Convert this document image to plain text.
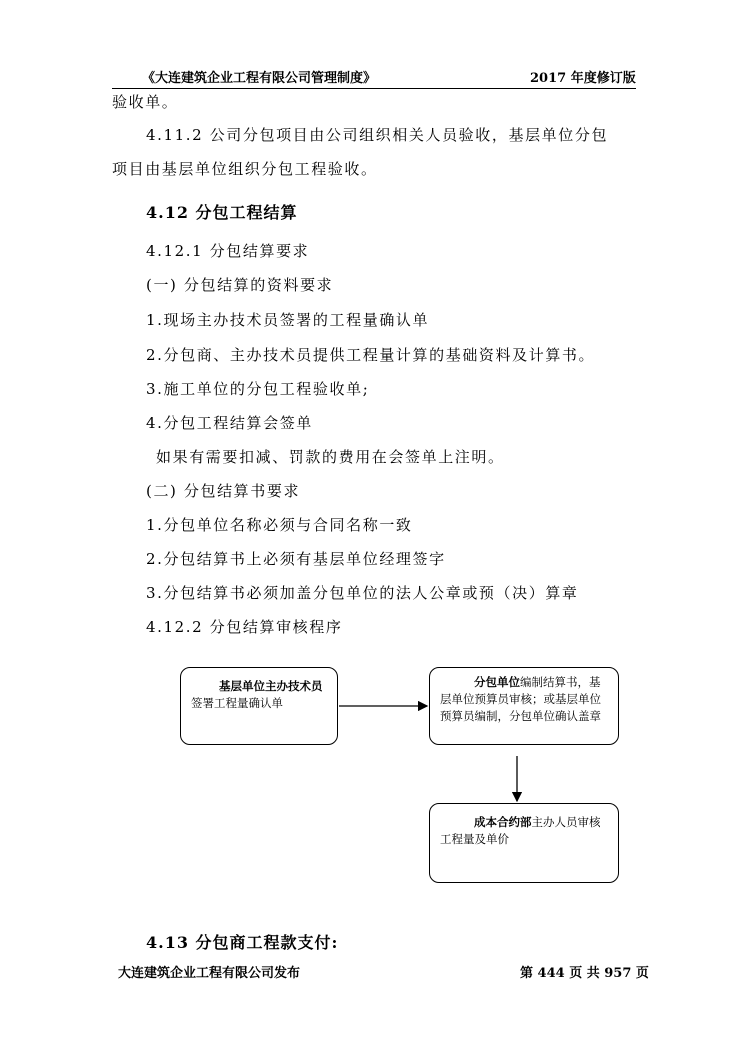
《大连建筑企业工程有限公司管理制度》	2017 年度修订版
验收单。
4.11.2 公司分包项目由公司组织相关人员验收，基层单位分包
项目由基层单位组织分包工程验收。
4.12 分包工程结算
4.12.1 分包结算要求
(一) 分包结算的资料要求
1.现场主办技术员签署的工程量确认单
2.分包商、主办技术员提供工程量计算的基础资料及计算书。
3.施工单位的分包工程验收单;
4.分包工程结算会签单
如果有需要扣减、罚款的费用在会签单上注明。
(二) 分包结算书要求
1.分包单位名称必须与合同名称一致
2.分包结算书上必须有基层单位经理签字
3.分包结算书必须加盖分包单位的法人公章或预（决）算章
4.12.2 分包结算审核程序
基层单位主办技术员签署工程量确认单
分包单位编制结算书，基层单位预算员审核；或基层单位预算员编制，分包单位确认盖章
成本合约部主办人员审核工程量及单价
4.13 分包商工程款支付:
大连建筑企业工程有限公司发布	第 444 页 共 957 页
